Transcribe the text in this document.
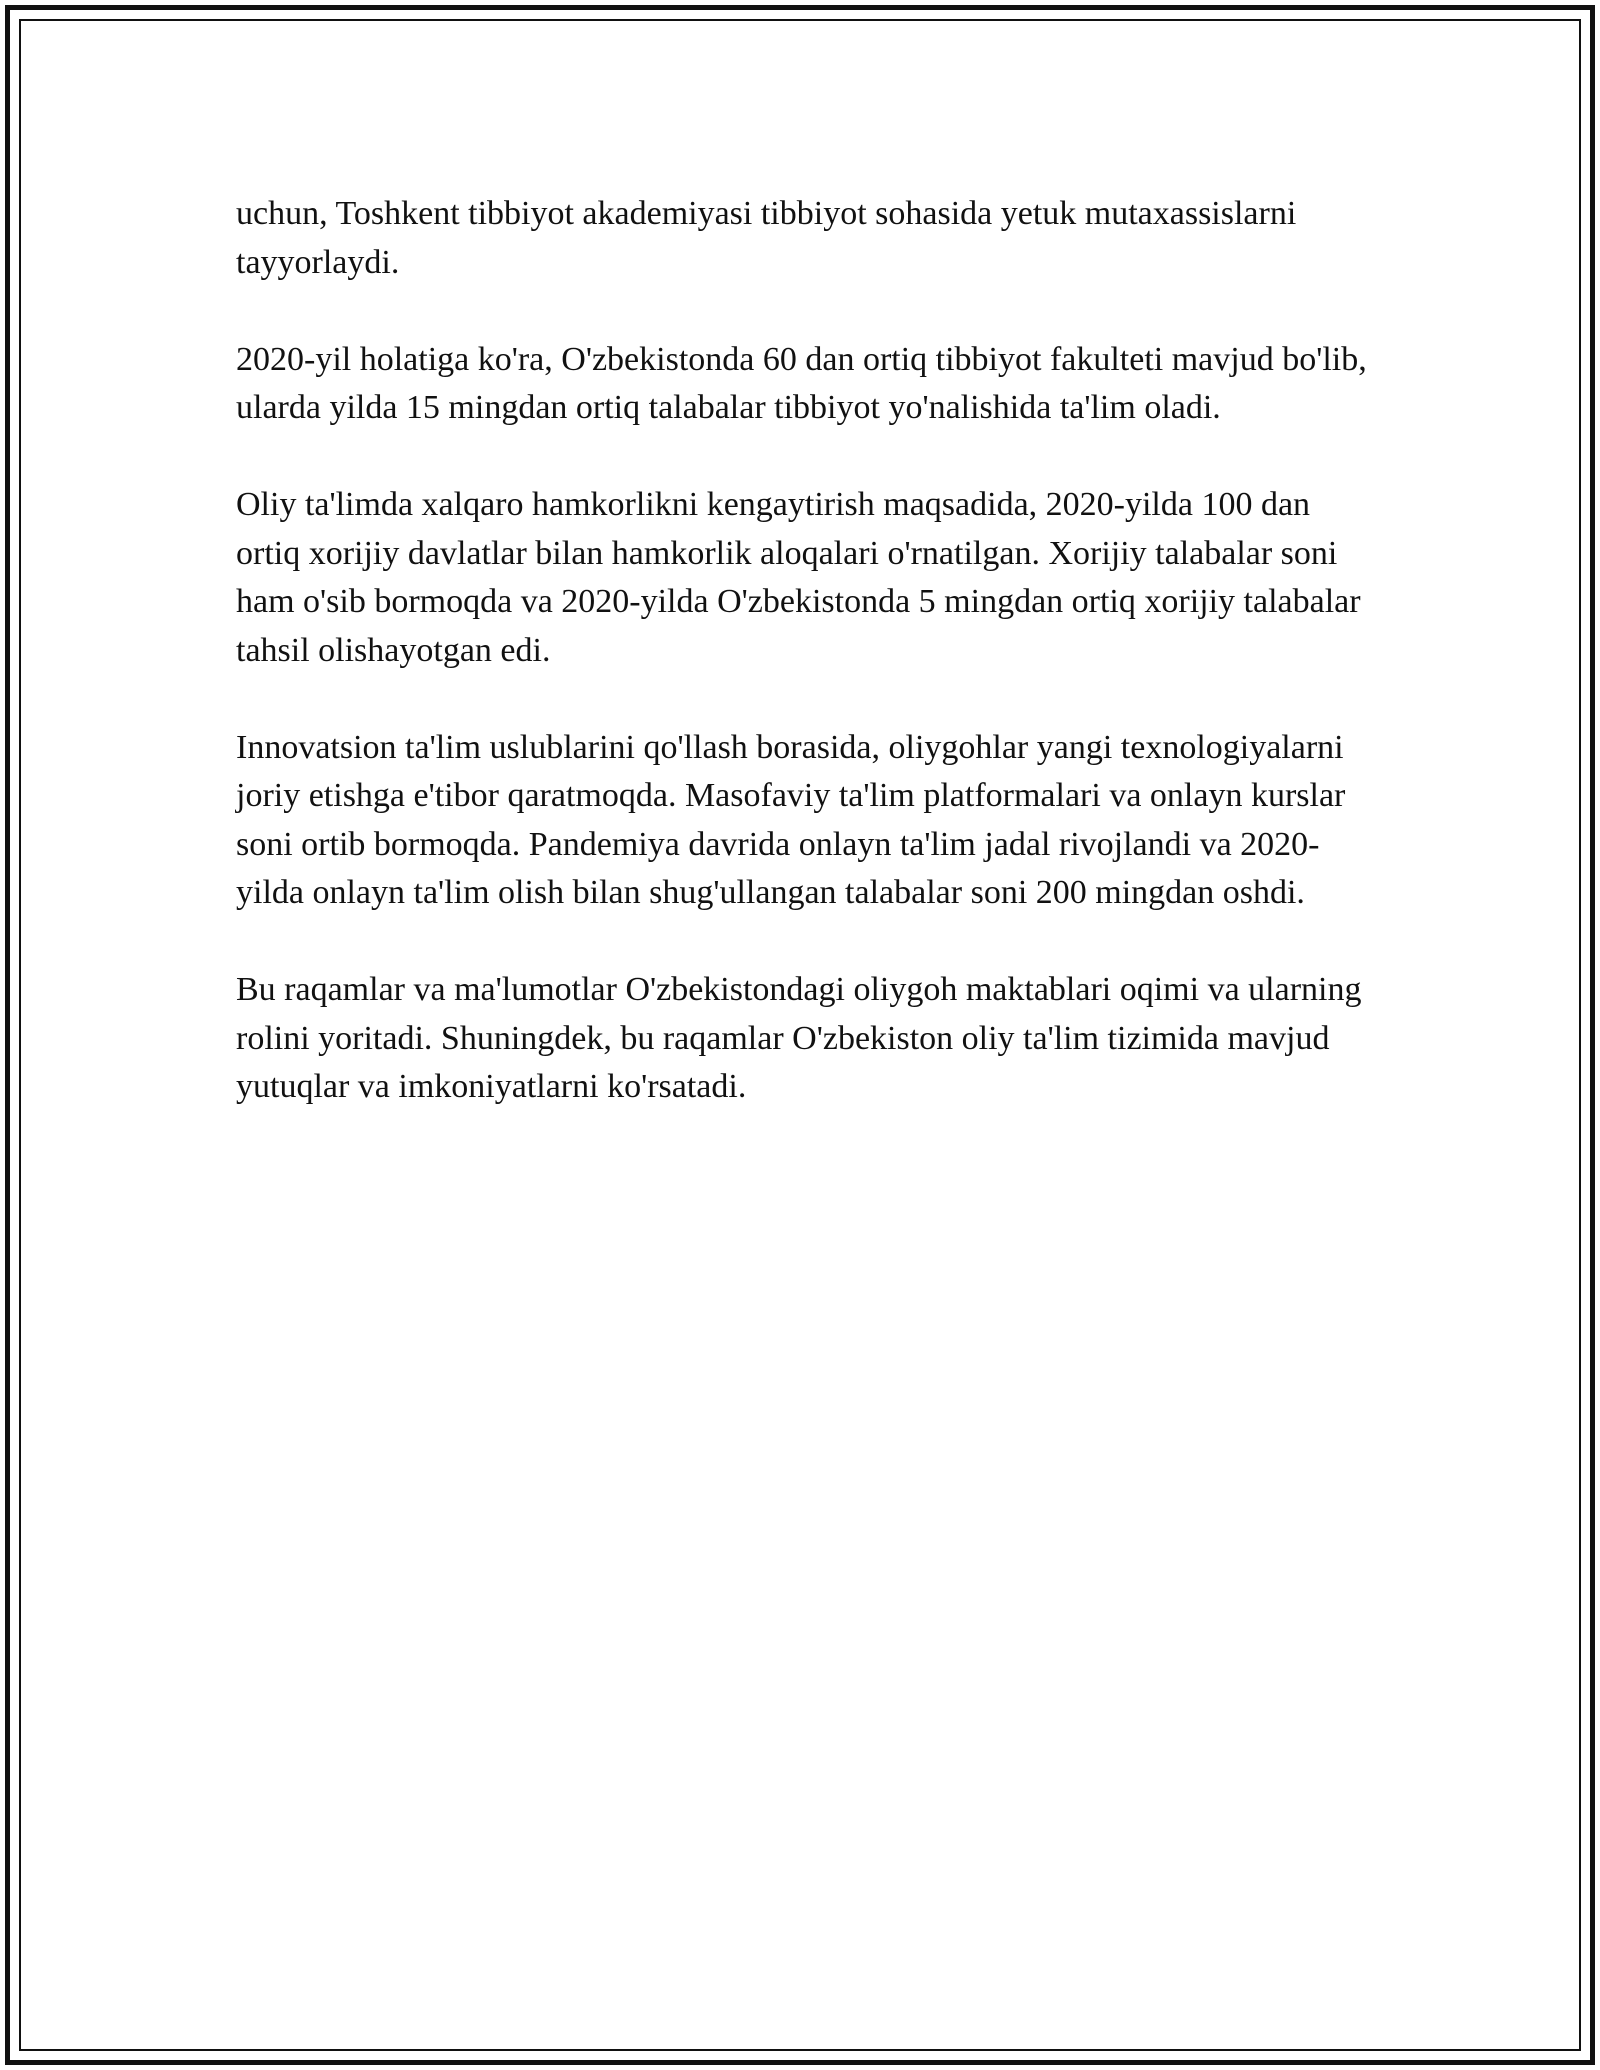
uchun, Toshkent tibbiyot akademiyasi tibbiyot sohasida yetuk mutaxassislarni tayyorlaydi.

2020-yil holatiga ko'ra, O'zbekistonda 60 dan ortiq tibbiyot fakulteti mavjud bo'lib, ularda yilda 15 mingdan ortiq talabalar tibbiyot yo'nalishida ta'lim oladi.

Oliy ta'limda xalqaro hamkorlikni kengaytirish maqsadida, 2020-yilda 100 dan ortiq xorijiy davlatlar bilan hamkorlik aloqalari o'rnatilgan. Xorijiy talabalar soni ham o'sib bormoqda va 2020-yilda O'zbekistonda 5 mingdan ortiq xorijiy talabalar tahsil olishayotgan edi.

Innovatsion ta'lim uslublarini qo'llash borasida, oliygohlar yangi texnologiyalarni joriy etishga e'tibor qaratmoqda. Masofaviy ta'lim platformalari va onlayn kurslar soni ortib bormoqda. Pandemiya davrida onlayn ta'lim jadal rivojlandi va 2020-yilda onlayn ta'lim olish bilan shug'ullangan talabalar soni 200 mingdan oshdi.

Bu raqamlar va ma'lumotlar O'zbekistondagi oliygoh maktablari oqimi va ularning rolini yoritadi. Shuningdek, bu raqamlar O'zbekiston oliy ta'lim tizimida mavjud yutuqlar va imkoniyatlarni ko'rsatadi.
